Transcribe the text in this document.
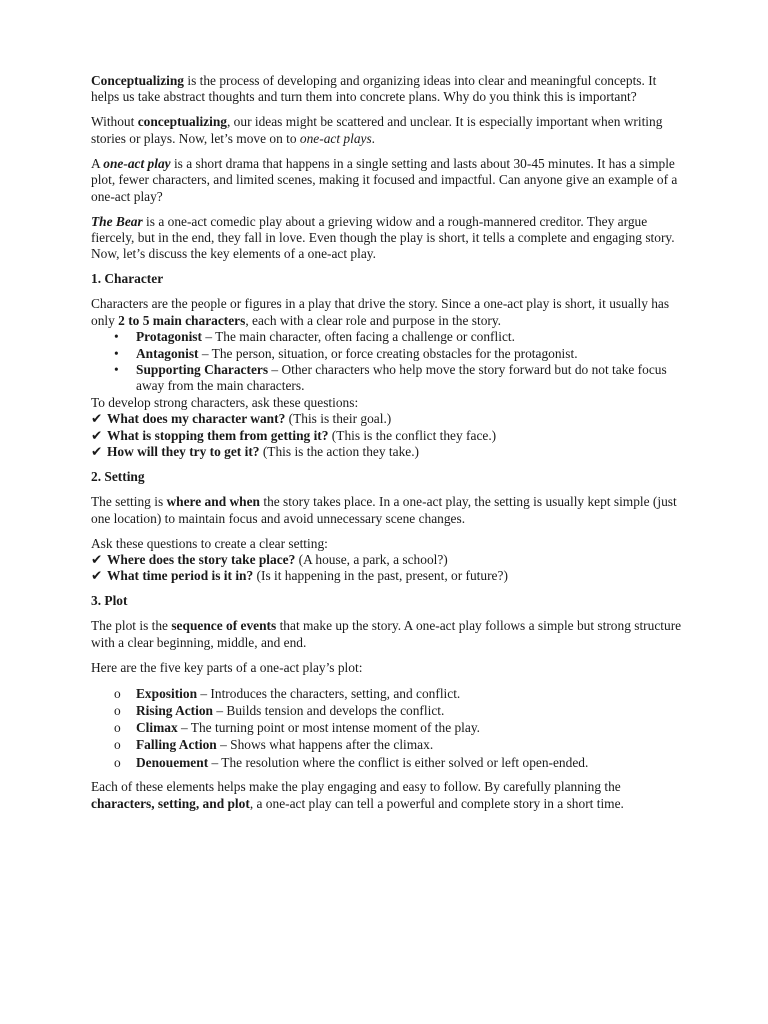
Conceptualizing is the process of developing and organizing ideas into clear and meaningful concepts. It helps us take abstract thoughts and turn them into concrete plans. Why do you think this is important?

Without conceptualizing, our ideas might be scattered and unclear. It is especially important when writing stories or plays. Now, let’s move on to one-act plays.

A one-act play is a short drama that happens in a single setting and lasts about 30-45 minutes. It has a simple plot, fewer characters, and limited scenes, making it focused and impactful. Can anyone give an example of a one-act play?

The Bear is a one-act comedic play about a grieving widow and a rough-mannered creditor. They argue fiercely, but in the end, they fall in love. Even though the play is short, it tells a complete and engaging story. Now, let’s discuss the key elements of a one-act play.

1. Character

Characters are the people or figures in a play that drive the story. Since a one-act play is short, it usually has only 2 to 5 main characters, each with a clear role and purpose in the story.

• Protagonist – The main character, often facing a challenge or conflict.
• Antagonist – The person, situation, or force creating obstacles for the protagonist.
• Supporting Characters – Other characters who help move the story forward but do not take focus away from the main characters.

To develop strong characters, ask these questions:

✔ What does my character want? (This is their goal.)

✔ What is stopping them from getting it? (This is the conflict they face.)

✔ How will they try to get it? (This is the action they take.)

2. Setting

The setting is where and when the story takes place. In a one-act play, the setting is usually kept simple (just one location) to maintain focus and avoid unnecessary scene changes.

Ask these questions to create a clear setting:

✔ Where does the story take place? (A house, a park, a school?)

✔ What time period is it in? (Is it happening in the past, present, or future?)

3. Plot

The plot is the sequence of events that make up the story. A one-act play follows a simple but strong structure with a clear beginning, middle, and end.

Here are the five key parts of a one-act play’s plot:

o Exposition – Introduces the characters, setting, and conflict.
o Rising Action – Builds tension and develops the conflict.
o Climax – The turning point or most intense moment of the play.
o Falling Action – Shows what happens after the climax.
o Denouement – The resolution where the conflict is either solved or left open-ended.

Each of these elements helps make the play engaging and easy to follow. By carefully planning the characters, setting, and plot, a one-act play can tell a powerful and complete story in a short time.
